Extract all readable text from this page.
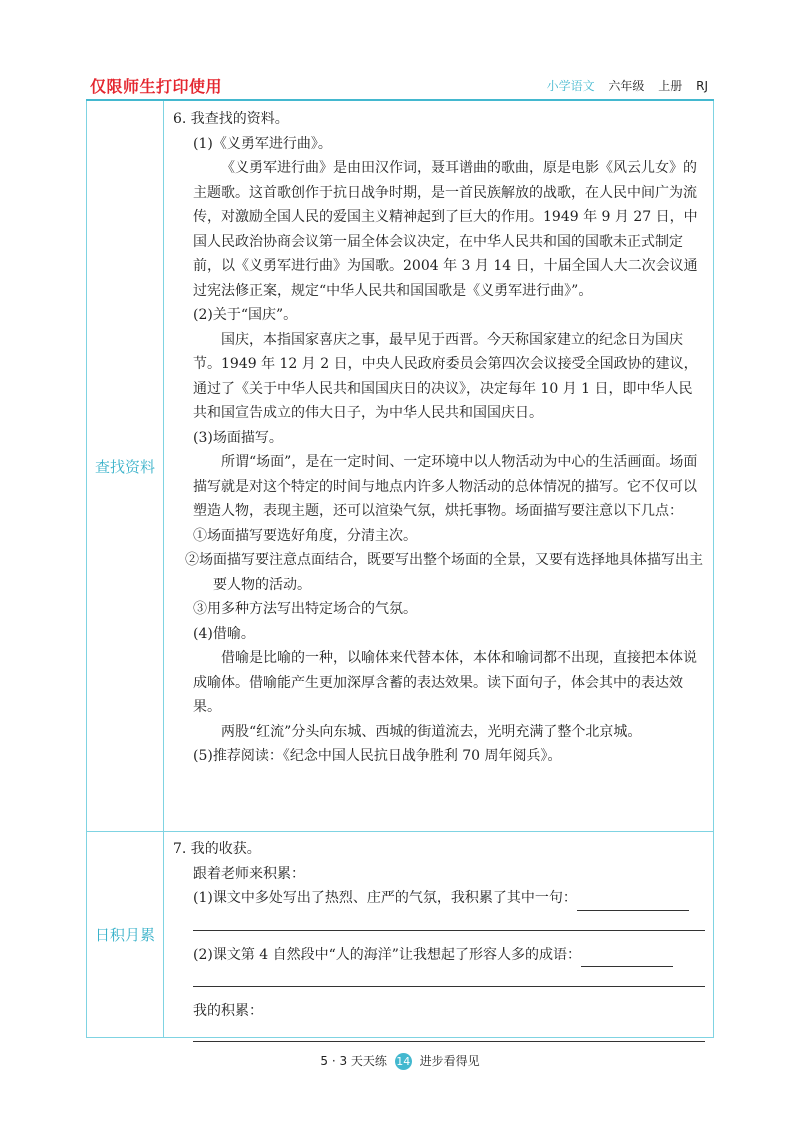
仅限师生打印使用	小学语文 六年级 上册 RJ
查找资料

6. 我查找的资料。

(1)《义勇军进行曲》。

《义勇军进行曲》是由田汉作词，聂耳谱曲的歌曲，原是电影《风云儿女》的主题歌。这首歌创作于抗日战争时期，是一首民族解放的战歌，在人民中间广为流传，对激励全国人民的爱国主义精神起到了巨大的作用。1949 年 9 月 27 日，中国人民政治协商会议第一届全体会议决定，在中华人民共和国的国歌未正式制定前，以《义勇军进行曲》为国歌。2004 年 3 月 14 日，十届全国人大二次会议通过宪法修正案，规定“中华人民共和国国歌是《义勇军进行曲》”。

(2)关于“国庆”。

国庆，本指国家喜庆之事，最早见于西晋。今天称国家建立的纪念日为国庆节。1949 年 12 月 2 日，中央人民政府委员会第四次会议接受全国政协的建议，通过了《关于中华人民共和国国庆日的决议》，决定每年 10 月 1 日，即中华人民共和国宣告成立的伟大日子，为中华人民共和国国庆日。

(3)场面描写。

所谓“场面”，是在一定时间、一定环境中以人物活动为中心的生活画面。场面描写就是对这个特定的时间与地点内许多人物活动的总体情况的描写。它不仅可以塑造人物，表现主题，还可以渲染气氛，烘托事物。场面描写要注意以下几点：

①场面描写要选好角度，分清主次。

②场面描写要注意点面结合，既要写出整个场面的全景，又要有选择地具体描写出主要人物的活动。

③用多种方法写出特定场合的气氛。

(4)借喻。

借喻是比喻的一种，以喻体来代替本体，本体和喻词都不出现，直接把本体说成喻体。借喻能产生更加深厚含蓄的表达效果。读下面句子，体会其中的表达效果。

两股“红流”分头向东城、西城的街道流去，光明充满了整个北京城。

(5)推荐阅读：《纪念中国人民抗日战争胜利 70 周年阅兵》。

日积月累

7. 我的收获。

跟着老师来积累：

(1)课文中多处写出了热烈、庄严的气氛，我积累了其中一句：

(2)课文第 4 自然段中“人的海洋”让我想起了形容人多的成语：

我的积累：

5 · 3 天天练 14 进步看得见
